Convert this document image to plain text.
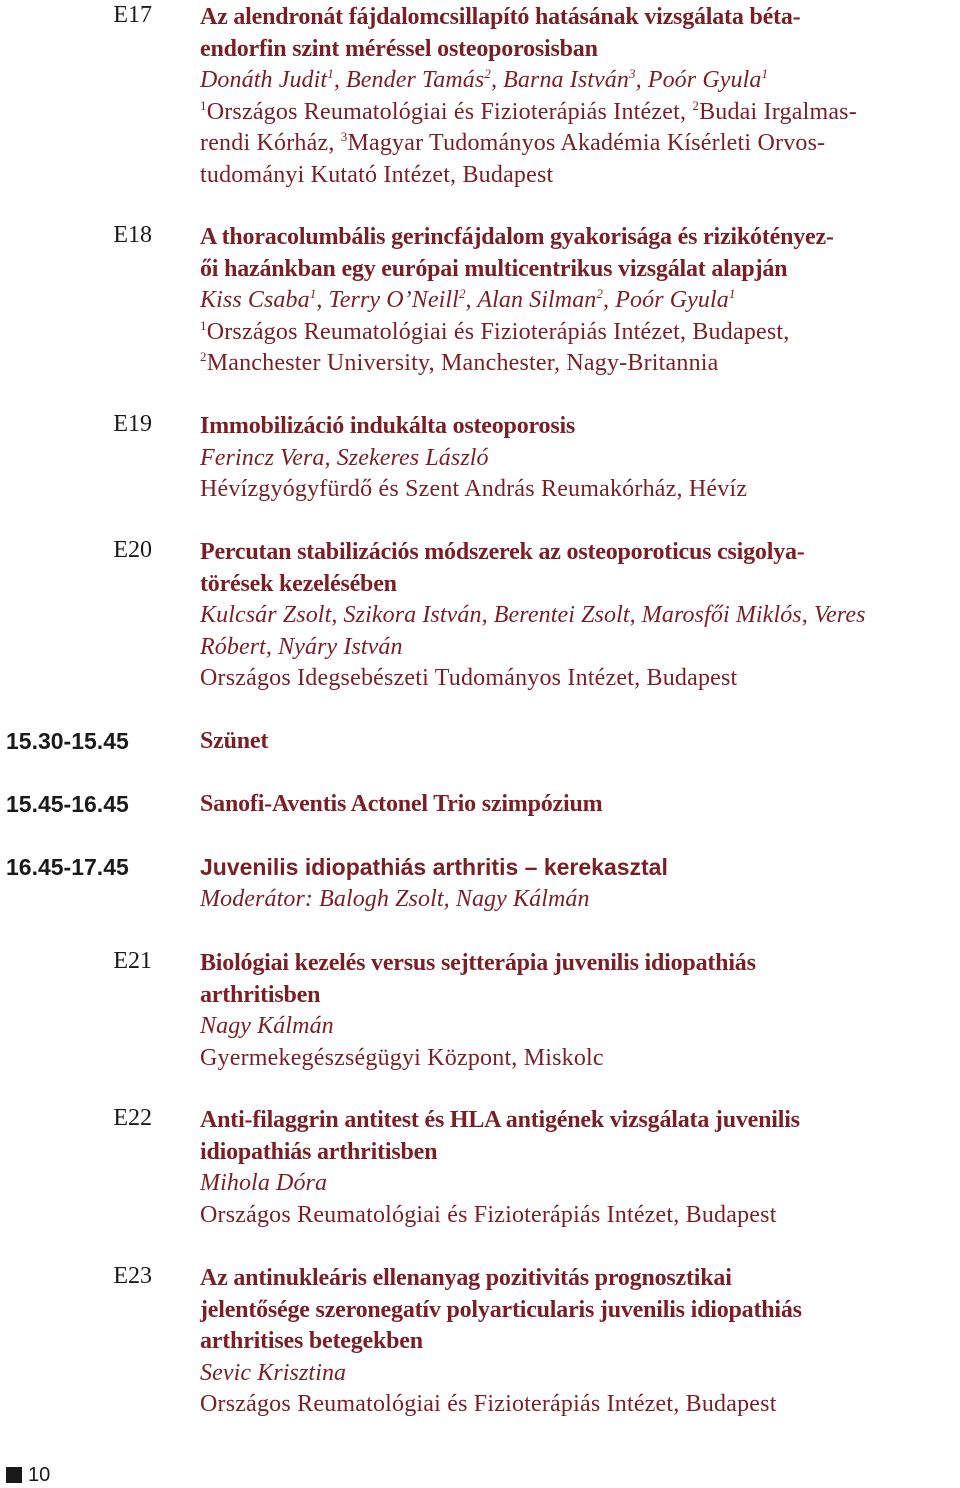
E17 Az alendronát fájdalomcsillapító hatásának vizsgálata béta-
endorfin szint méréssel osteoporosisban
Donáth Judit$^1$, Bender Tamás$^2$, Barna István$^3$, Poór Gyula$^1$
$^1$Országos Reumatológiai és Fizioterápiás Intézet, $^2$Budai Irgalmas-
rendi Kórház, $^3$Magyar Tudományos Akadémia Kísérleti Orvos-
tudományi Kutató Intézet, Budapest
E18 A thoracolumbális gerincfájdalom gyakorisága és rizikótényez-
ői hazánkban egy európai multicentrikus vizsgálat alapján
Kiss Csaba$^1$, Terry O’Neill$^2$, Alan Silman$^2$, Poór Gyula$^1$
$^1$Országos Reumatológiai és Fizioterápiás Intézet, Budapest,
$^2$Manchester University, Manchester, Nagy-Britannia
E19 Immobilizáció indukálta osteoporosis
Ferincz Vera, Szekeres László
Hévízgyógyfürdő és Szent András Reumakórház, Hévíz
E20 Percutan stabilizációs módszerek az osteoporoticus csigolya-
törések kezelésében
Kulcsár Zsolt, Szikora István, Berentei Zsolt, Marosfői Miklós, Veres
Róbert, Nyáry István
Országos Idegsebészeti Tudományos Intézet, Budapest
15.30-15.45	Szünet
15.45-16.45	Sanofi-Aventis Actonel Trio szimpózium
16.45-17.45	Juvenilis idiopathiás arthritis – kerekasztal
Moderátor: Balogh Zsolt, Nagy Kálmán
E21 Biológiai kezelés versus sejtterápia juvenilis idiopathiás
arthritisben
Nagy Kálmán
Gyermekegészségügyi Központ, Miskolc
E22 Anti-filaggrin antitest és HLA antigének vizsgálata juvenilis
idiopathiás arthritisben
Mihola Dóra
Országos Reumatológiai és Fizioterápiás Intézet, Budapest
E23 Az antinukleáris ellenanyag pozitivitás prognosztikai
jelentősége szeronegatív polyarticularis juvenilis idiopathiás
arthritises betegekben
Sevic Krisztina
Országos Reumatológiai és Fizioterápiás Intézet, Budapest
10
